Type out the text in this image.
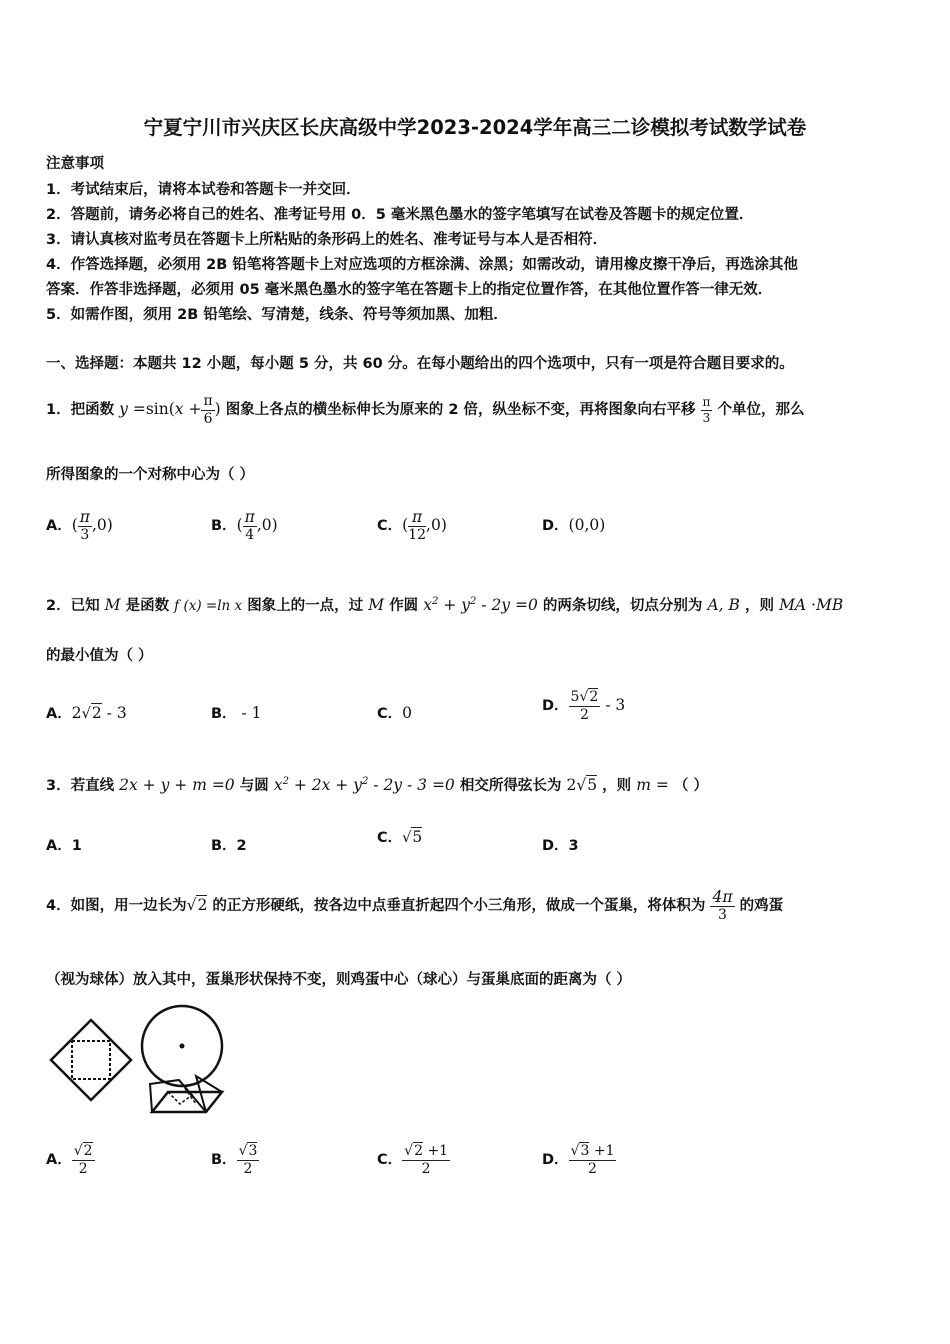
宁夏宁川市兴庆区长庆高级中学2023-2024学年高三二诊模拟考试数学试卷
注意事项
1．考试结束后，请将本试卷和答题卡一并交回．
2．答题前，请务必将自己的姓名、准考证号用 0．5 毫米黑色墨水的签字笔填写在试卷及答题卡的规定位置．
3．请认真核对监考员在答题卡上所粘贴的条形码上的姓名、准考证号与本人是否相符．
4．作答选择题，必须用 2B 铅笔将答题卡上对应选项的方框涂满、涂黑；如需改动，请用橡皮擦干净后，再选涂其他
答案．作答非选择题，必须用 05 毫米黑色墨水的签字笔在答题卡上的指定位置作答，在其他位置作答一律无效．
5．如需作图，须用 2B 铅笔绘、写清楚，线条、符号等须加黑、加粗．
一、选择题：本题共 12 小题，每小题 5 分，共 60 分。在每小题给出的四个选项中，只有一项是符合题目要求的。
1．把函数 $y =\sin(x + \frac{\pi}{6}$ ) 图象上各点的横坐标伸长为原来的 2 倍，纵坐标不变，再将图象向右平移 $\frac{\pi}{3}$ 个单位，那么
所得图象的一个对称中心为（ ）
A．( $\frac{\pi}{3} ,0$)	B．( $\frac{\pi}{4} ,0$)	C．( $\frac{\pi}{12} ,0$)	D．(0,0)
2．已知 M 是函数 f (x) =ln x 图象上的一点，过 M 作圆 $x^2 + y^2 - 2y =0$ 的两条切线，切点分别为 A, B ，则 MA ·MB
的最小值为（ ）
A．2√2 - 3	B． - 1	C．0	D． $\frac{5√2}{2} - 3$
3．若直线 2x + y + m =0 与圆 $x^2 + 2x + y^2 - 2y - 3 =0$ 相交所得弦长为 2√5 ，则 m = （ ）
A．1	B．2	C．√5	D．3
4．如图，用一边长为√2 的正方形硬纸，按各边中点垂直折起四个小三角形，做成一个蛋巢，将体积为 $\frac{4\pi}{3}$ 的鸡蛋
（视为球体）放入其中，蛋巢形状保持不变，则鸡蛋中心（球心）与蛋巢底面的距离为（ ）
A． $\frac{√2}{2}$	B． $\frac{√3}{2}$	C． $\frac{√2 +1}{2}$	D． $\frac{√3 +1}{2}$
